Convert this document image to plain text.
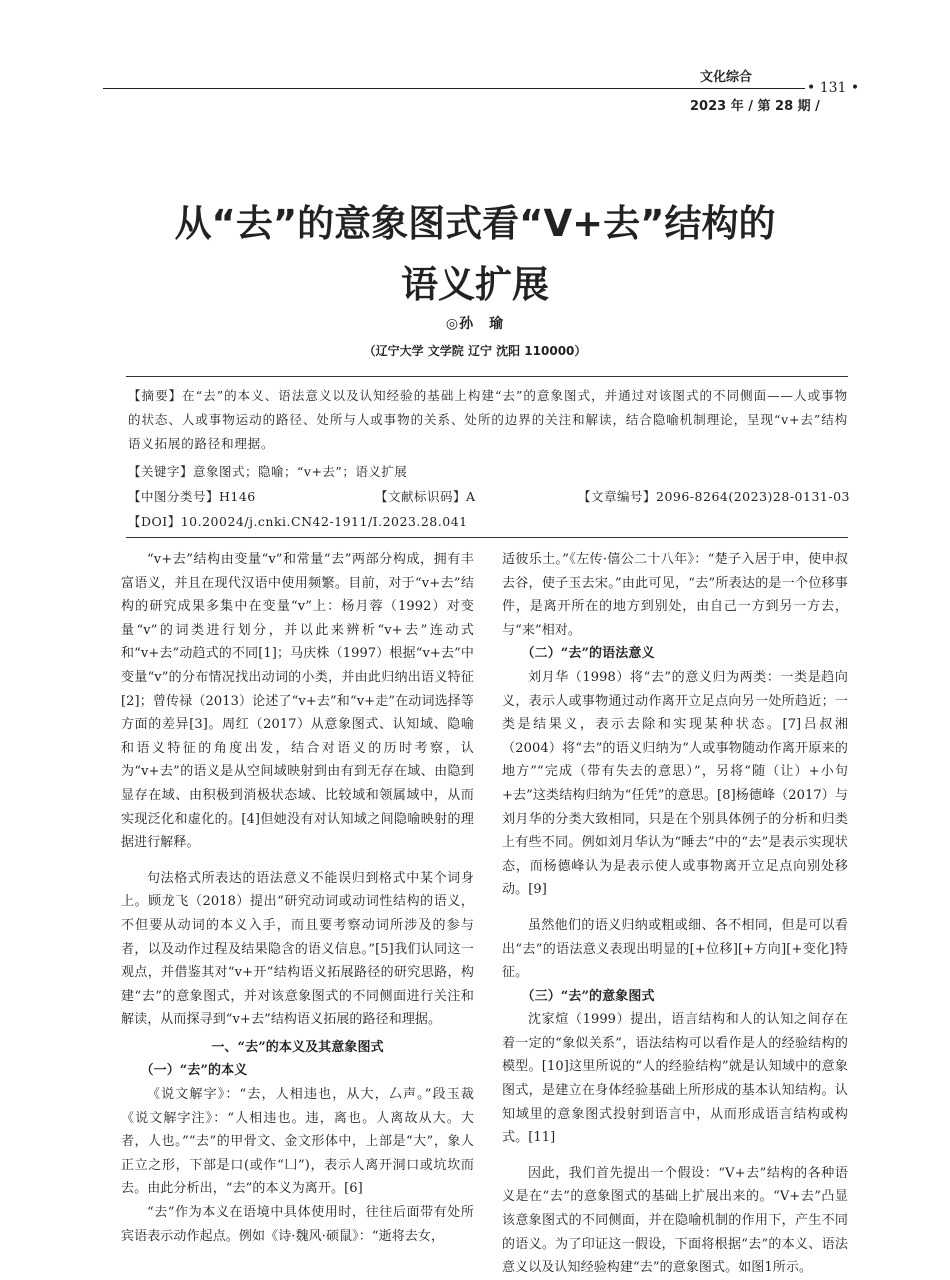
文化综合
• 131 •
2023 年 / 第 28 期 /
从“去”的意象图式看“V+去”结构的
语义扩展
◎孙　瑜
（辽宁大学 文学院 辽宁 沈阳 110000）
【摘要】在“去”的本义、语法意义以及认知经验的基础上构建“去”的意象图式，并通过对该图式的不同侧面——人或事物的状态、人或事物运动的路径、处所与人或事物的关系、处所的边界的关注和解读，结合隐喻机制理论，呈现“v+去”结构语义拓展的路径和理据。
【关键字】意象图式；隐喻；“v+去”；语义扩展
【中图分类号】H146	【文献标识码】A	【文章编号】2096-8264(2023)28-0131-03
【DOI】10.20024/j.cnki.CN42-1911/I.2023.28.041

“v+去”结构由变量“v”和常量“去”两部分构成，拥有丰富语义，并且在现代汉语中使用频繁。目前，对于“v+去”结构的研究成果多集中在变量“v”上：杨月蓉（1992）对变量“v”的词类进行划分，并以此来辨析“v+去”连动式和“v+去”动趋式的不同[1]；马庆株（1997）根据“v+去”中变量“v”的分布情况找出动词的小类，并由此归纳出语义特征[2]；曾传禄（2013）论述了“v+去”和“v+走”在动词选择等方面的差异[3]。周红（2017）从意象图式、认知域、隐喻和语义特征的角度出发，结合对语义的历时考察，认为“v+去”的语义是从空间域映射到由有到无存在域、由隐到显存在域、由积极到消极状态域、比较域和领属域中，从而实现泛化和虚化的。[4]但她没有对认知域之间隐喻映射的理据进行解释。

句法格式所表达的语法意义不能误归到格式中某个词身上。顾龙飞（2018）提出“研究动词或动词性结构的语义，不但要从动词的本义入手，而且要考察动词所涉及的参与者，以及动作过程及结果隐含的语义信息。”[5]我们认同这一观点，并借鉴其对“v+开”结构语义拓展路径的研究思路，构建“去”的意象图式，并对该意象图式的不同侧面进行关注和解读，从而探寻到“v+去”结构语义拓展的路径和理据。

一、“去”的本义及其意象图式

（一）“去”的本义

《说文解字》：“去，人相违也，从大，厶声。”段玉裁《说文解字注》：“人相违也。违，离也。人离故从大。大者，人也。”“去”的甲骨文、金文形体中，上部是“大”，象人正立之形，下部是口(或作“凵”)，表示人离开洞口或坑坎而去。由此分析出，“去”的本义为离开。[6]

“去”作为本义在语境中具体使用时，往往后面带有处所宾语表示动作起点。例如《诗·魏风·硕鼠》：“逝将去女，

适彼乐土。”《左传·僖公二十八年》：“楚子入居于申，使申叔去谷，使子玉去宋。”由此可见，“去”所表达的是一个位移事件，是离开所在的地方到别处，由自己一方到另一方去，与“来”相对。

（二）“去”的语法意义

刘月华（1998）将“去”的意义归为两类：一类是趋向义，表示人或事物通过动作离开立足点向另一处所趋近；一类是结果义，表示去除和实现某种状态。[7]吕叔湘（2004）将“去”的语义归纳为“人或事物随动作离开原来的地方”“完成（带有失去的意思）”，另将“随（让）+小句+去”这类结构归纳为“任凭”的意思。[8]杨德峰（2017）与刘月华的分类大致相同，只是在个别具体例子的分析和归类上有些不同。例如刘月华认为“睡去”中的“去”是表示实现状态，而杨德峰认为是表示使人或事物离开立足点向别处移动。[9]

虽然他们的语义归纳或粗或细、各不相同，但是可以看出“去”的语法意义表现出明显的[+位移][+方向][+变化]特征。

（三）“去”的意象图式

沈家煊（1999）提出，语言结构和人的认知之间存在着一定的“象似关系”，语法结构可以看作是人的经验结构的模型。[10]这里所说的“人的经验结构”就是认知域中的意象图式，是建立在身体经验基础上所形成的基本认知结构。认知域里的意象图式投射到语言中，从而形成语言结构或构式。[11]

因此，我们首先提出一个假设：“V+去”结构的各种语义是在“去”的意象图式的基础上扩展出来的。“V+去”凸显该意象图式的不同侧面，并在隐喻机制的作用下，产生不同的语义。为了印证这一假设，下面将根据“去”的本义、语法意义以及认知经验构建“去”的意象图式。如图1所示。
